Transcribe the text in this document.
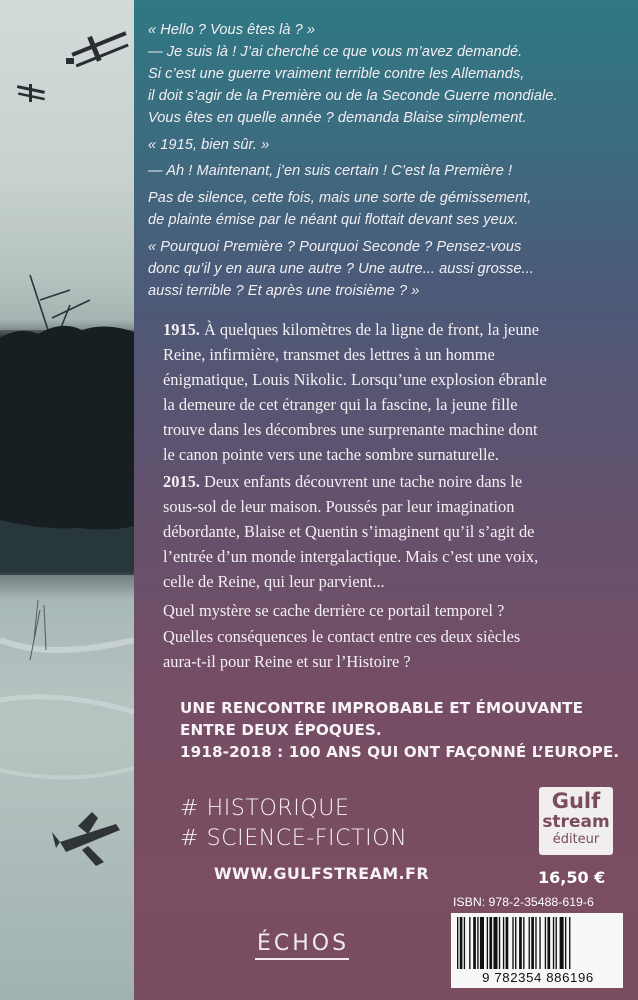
« Hello ? Vous êtes là ? »

— Je suis là ! J’ai cherché ce que vous m’avez demandé.

Si c’est une guerre vraiment terrible contre les Allemands,

il doit s’agir de la Première ou de la Seconde Guerre mondiale.

Vous êtes en quelle année ? demanda Blaise simplement.

« 1915, bien sûr. »

— Ah ! Maintenant, j’en suis certain ! C’est la Première !

Pas de silence, cette fois, mais une sorte de gémissement,

de plainte émise par le néant qui flottait devant ses yeux.

« Pourquoi Première ? Pourquoi Seconde ? Pensez-vous

donc qu’il y en aura une autre ? Une autre... aussi grosse...

aussi terrible ? Et après une troisième ? »

1915. À quelques kilomètres de la ligne de front, la jeune

Reine, infirmière, transmet des lettres à un homme

énigmatique, Louis Nikolic. Lorsqu’une explosion ébranle

la demeure de cet étranger qui la fascine, la jeune fille

trouve dans les décombres une surprenante machine dont

le canon pointe vers une tache sombre surnaturelle.

2015. Deux enfants découvrent une tache noire dans le

sous-sol de leur maison. Poussés par leur imagination

débordante, Blaise et Quentin s’imaginent qu’il s’agit de

l’entrée d’un monde intergalactique. Mais c’est une voix,

celle de Reine, qui leur parvient...

Quel mystère se cache derrière ce portail temporel ?

Quelles conséquences le contact entre ces deux siècles

aura-t-il pour Reine et sur l’Histoire ?

UNE RENCONTRE IMPROBABLE ET ÉMOUVANTE
ENTRE DEUX ÉPOQUES.
1918-2018 : 100 ANS QUI ONT FAÇONNÉ L’EUROPE.
# HISTORIQUE
# SCIENCE-FICTION
WWW.GULFSTREAM.FR
Gulf
stream
éditeur
16,50 €
ISBN: 978-2-35488-619-6
9 782354 886196
ÉCHOS
